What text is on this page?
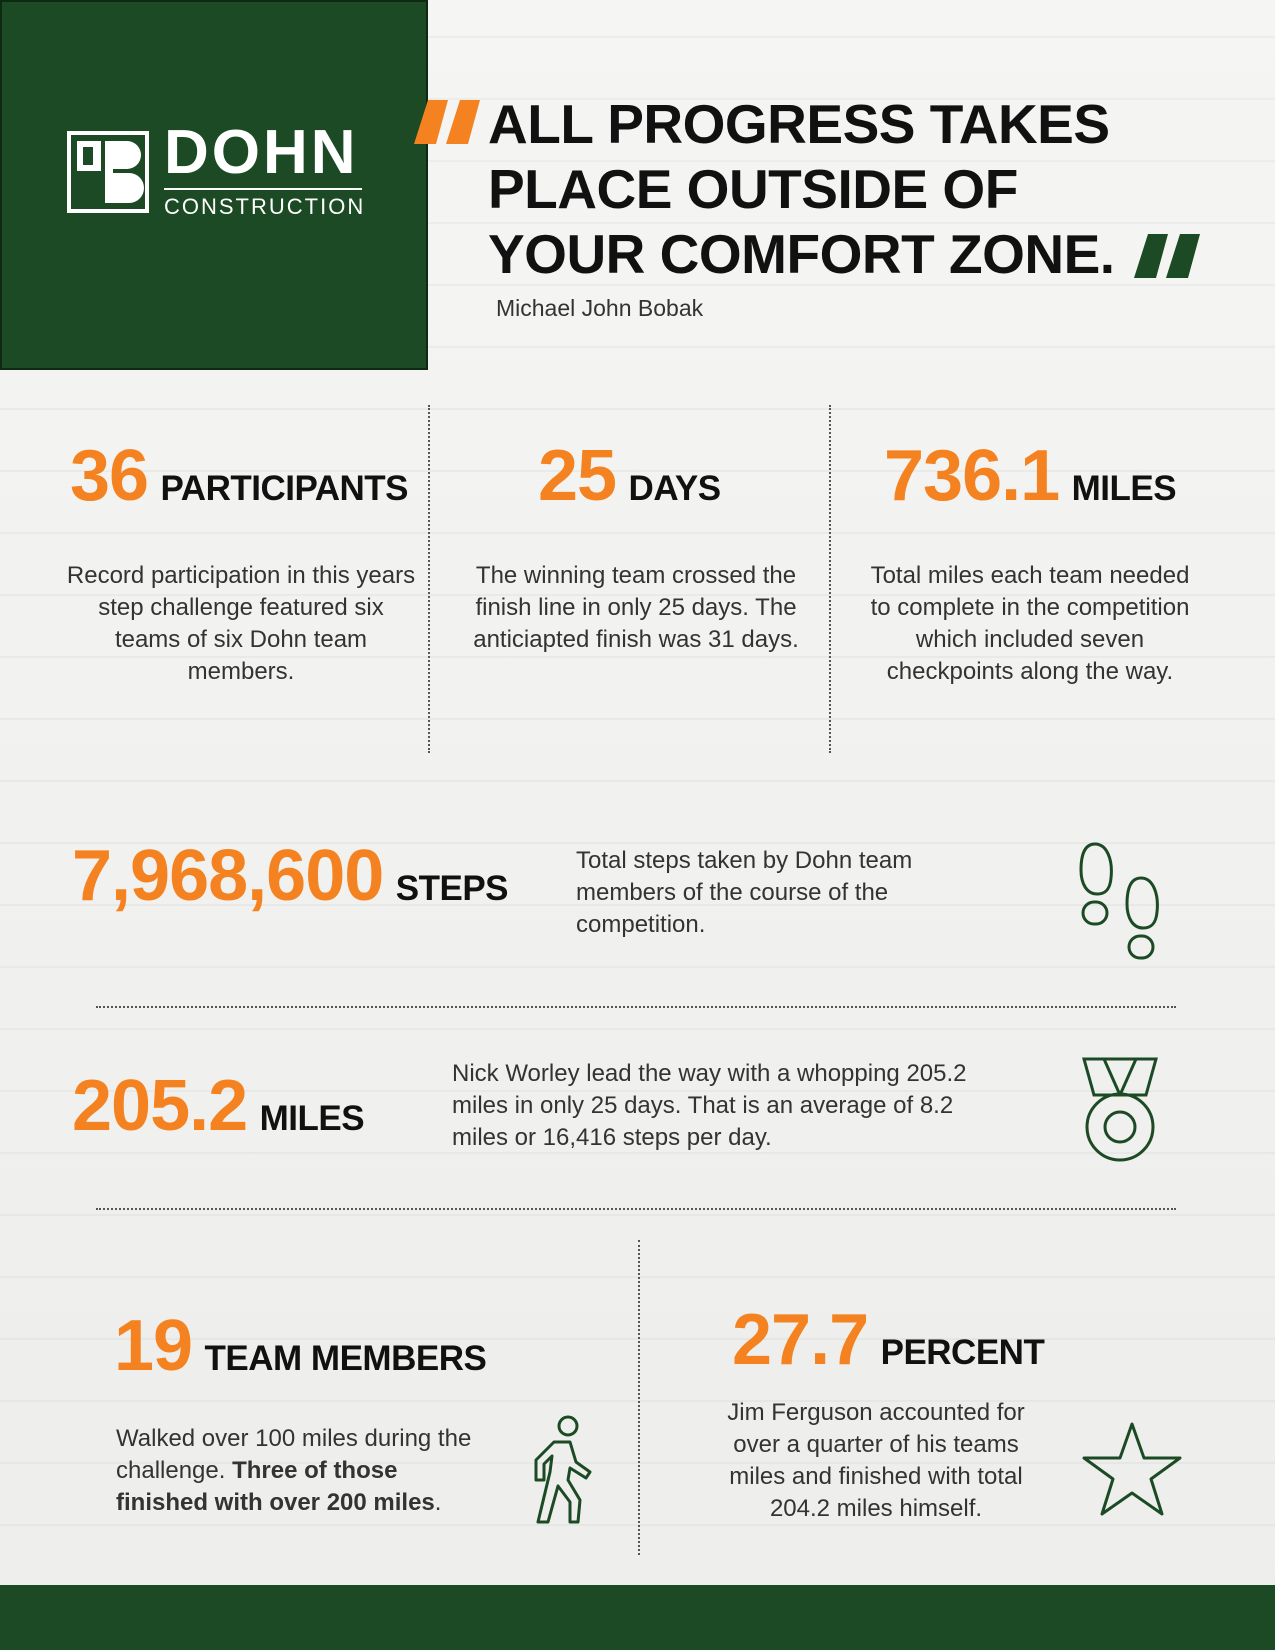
DOHN
CONSTRUCTION
ALL PROGRESS TAKES
PLACE OUTSIDE OF
YOUR COMFORT ZONE.
Michael John Bobak
36 PARTICIPANTS
Record participation in this years step challenge featured six teams of six Dohn team members.
25 DAYS
The winning team crossed the finish line in only 25 days. The anticiapted finish was 31 days.
736.1 MILES
Total miles each team needed to complete in the competition which included seven checkpoints along the way.
7,968,600 STEPS
Total steps taken by Dohn team members of the course of the competition.
205.2 MILES
Nick Worley lead the way with a whopping 205.2 miles in only 25 days. That is an average of 8.2 miles or 16,416 steps per day.
19 TEAM MEMBERS
Walked over 100 miles during the challenge. Three of those finished with over 200 miles.
27.7 PERCENT
Jim Ferguson accounted for over a quarter of his teams miles and finished with total 204.2 miles himself.
